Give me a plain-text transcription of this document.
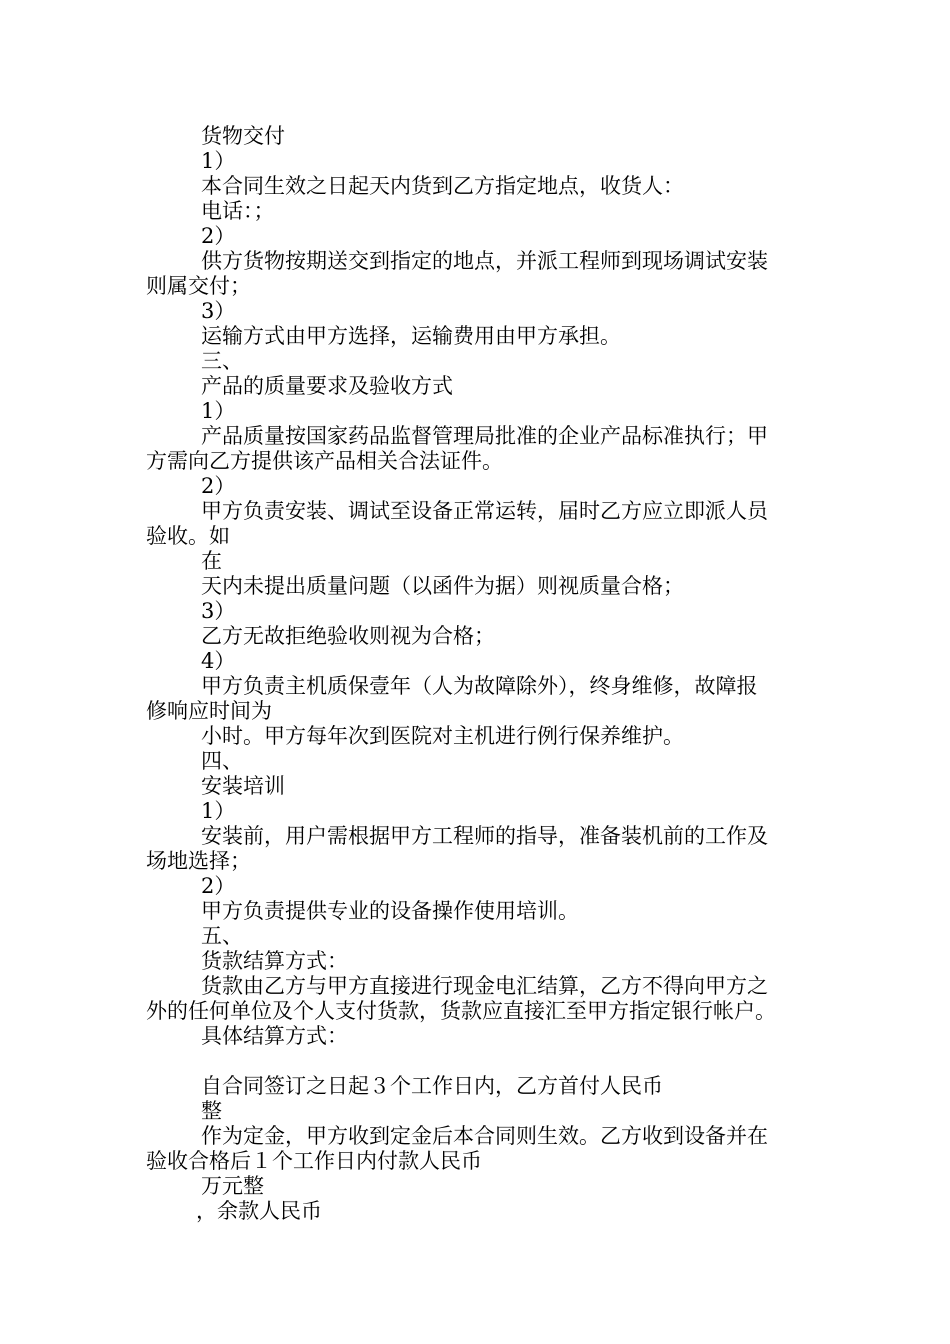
货物交付
1）
本合同生效之日起天内货到乙方指定地点，收货人：
电话：；
2）
供方货物按期送交到指定的地点，并派工程师到现场调试安装
则属交付；
3）
运输方式由甲方选择，运输费用由甲方承担。
三、
产品的质量要求及验收方式
1）
产品质量按国家药品监督管理局批准的企业产品标准执行；甲
方需向乙方提供该产品相关合法证件。
2）
甲方负责安装、调试至设备正常运转，届时乙方应立即派人员
验收。如
在
天内未提出质量问题（以函件为据）则视质量合格；
3）
乙方无故拒绝验收则视为合格；
4）
甲方负责主机质保壹年（人为故障除外），终身维修，故障报
修响应时间为
小时。甲方每年次到医院对主机进行例行保养维护。
四、
安装培训
1）
安装前，用户需根据甲方工程师的指导，准备装机前的工作及
场地选择；
2）
甲方负责提供专业的设备操作使用培训。
五、
货款结算方式：
货款由乙方与甲方直接进行现金电汇结算，乙方不得向甲方之
外的任何单位及个人支付货款，货款应直接汇至甲方指定银行帐户。
具体结算方式：
自合同签订之日起３个工作日内，乙方首付人民币
整
作为定金，甲方收到定金后本合同则生效。乙方收到设备并在
验收合格后１个工作日内付款人民币
万元整
，余款人民币
